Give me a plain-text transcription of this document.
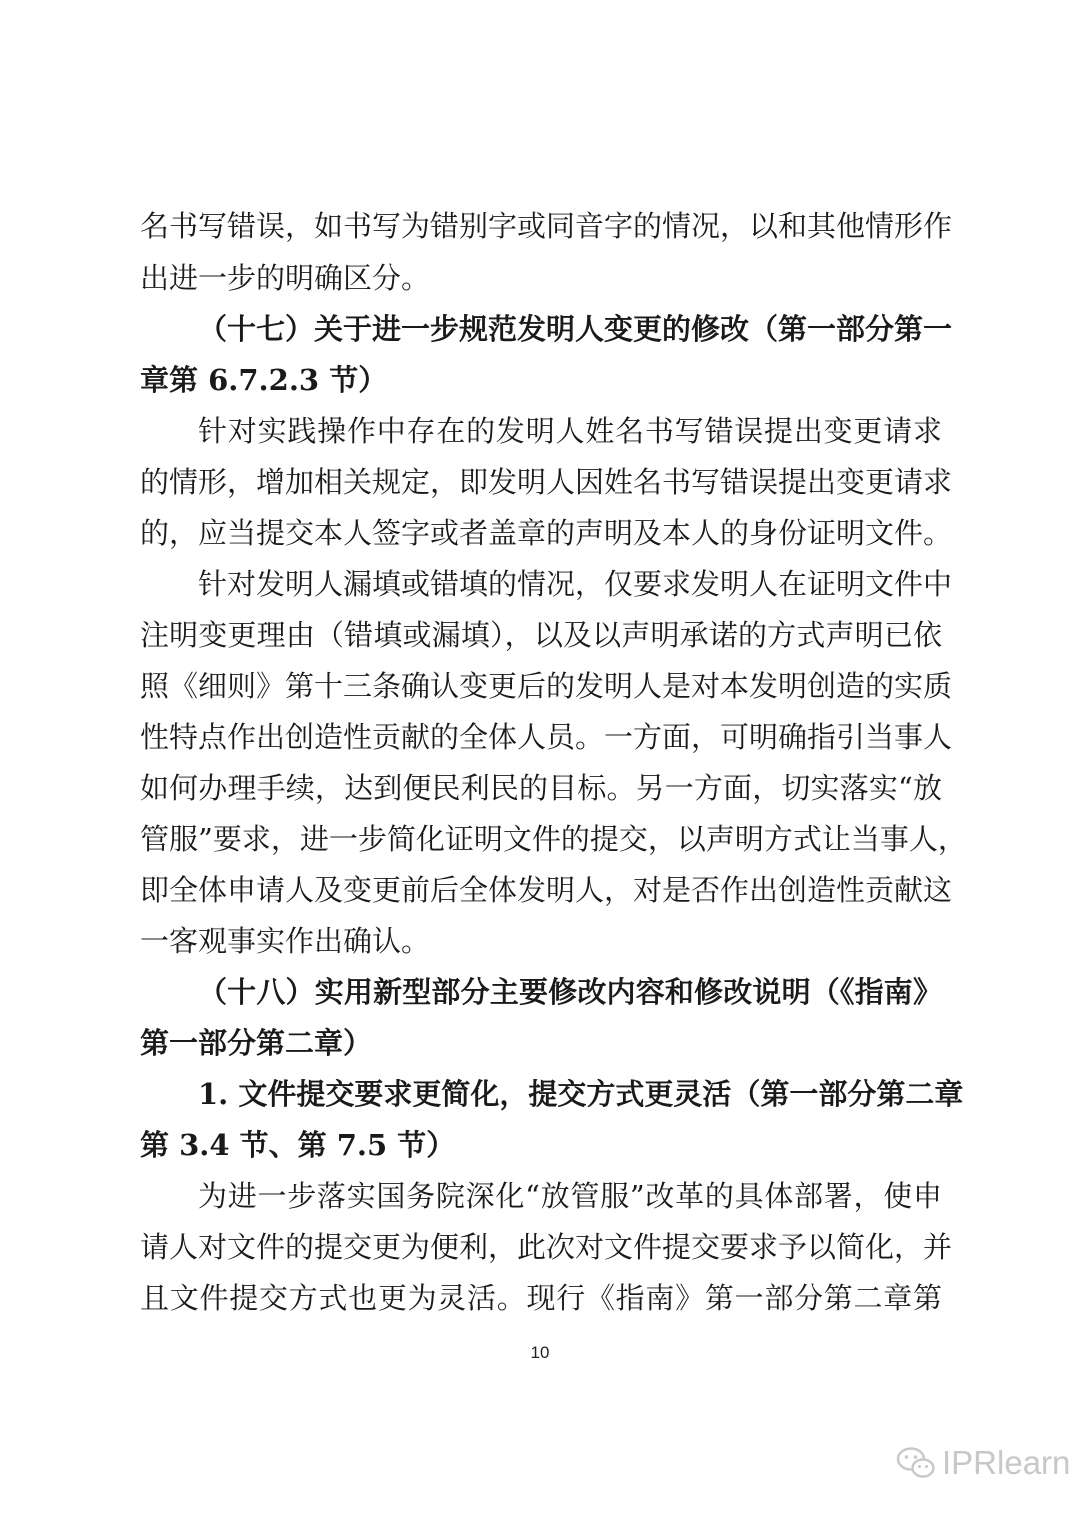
名书写错误，如书写为错别字或同音字的情况，以和其他情形作
出进一步的明确区分。
（十七）关于进一步规范发明人变更的修改（第一部分第一
章第 6.7.2.3 节）
针对实践操作中存在的发明人姓名书写错误提出变更请求
的情形，增加相关规定，即发明人因姓名书写错误提出变更请求
的，应当提交本人签字或者盖章的声明及本人的身份证明文件。
针对发明人漏填或错填的情况，仅要求发明人在证明文件中
注明变更理由（错填或漏填），以及以声明承诺的方式声明已依
照《细则》第十三条确认变更后的发明人是对本发明创造的实质
性特点作出创造性贡献的全体人员。一方面，可明确指引当事人
如何办理手续，达到便民利民的目标。另一方面，切实落实“放
管服”要求，进一步简化证明文件的提交，以声明方式让当事人，
即全体申请人及变更前后全体发明人，对是否作出创造性贡献这
一客观事实作出确认。
（十八）实用新型部分主要修改内容和修改说明（《指南》
第一部分第二章）
1. 文件提交要求更简化，提交方式更灵活（第一部分第二章
第 3.4 节、第 7.5 节）
为进一步落实国务院深化“放管服”改革的具体部署，使申
请人对文件的提交更为便利，此次对文件提交要求予以简化，并
且文件提交方式也更为灵活。现行《指南》第一部分第二章第
10
IPRlearn
